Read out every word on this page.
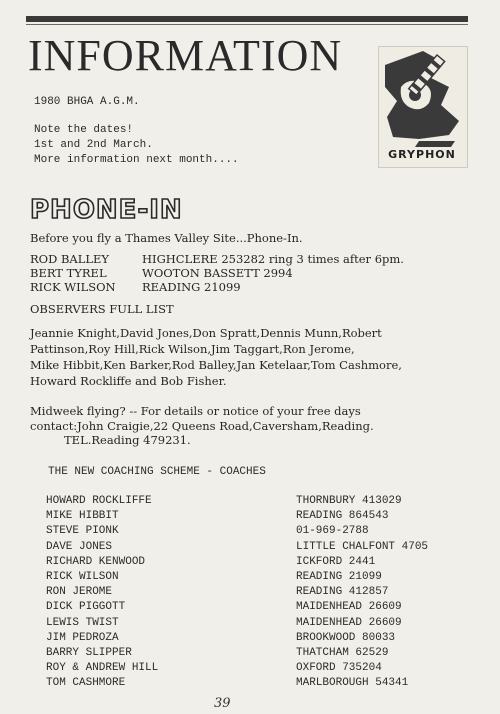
INFORMATION
1980 BHGA A.G.M.
Note the dates!
1st and 2nd March.
More information next month....	GRYPHON
PHONE-IN
Before you fly a Thames Valley Site...Phone-In.
ROD BALLEY	HIGHCLERE 253282 ring 3 times after 6pm.
BERT TYREL	WOOTON BASSETT 2994
RICK WILSON READING 21099
OBSERVERS FULL LIST
Jeannie Knight,David Jones,Don Spratt,Dennis Munn,Robert
Pattinson,Roy Hill,Rick Wilson,Jim Taggart,Ron Jerome,
Mike Hibbit,Ken Barker,Rod Balley,Jan Ketelaar,Tom Cashmore,
Howard Rockliffe and Bob Fisher.
Midweek flying? -- For details or notice of your free days
contact:John Craigie,22 Queens Road,Caversham,Reading.
TEL.Reading 479231.
THE NEW COACHING SCHEME - COACHES
HOWARD ROCKLIFFE	THORNBURY 413029
MIKE HIBBIT	READING 864543
STEVE PIONK	01-969-2788
DAVE JONES	LITTLE CHALFONT 4705
RICHARD KENWOOD	ICKFORD 2441
RICK WILSON	READING 21099
RON JEROME	READING 412857
DICK PIGGOTT	MAIDENHEAD 26609
LEWIS TWIST	MAIDENHEAD 26609
JIM PEDROZA	BROOKWOOD 80033
BARRY SLIPPER	THATCHAM 62529
ROY & ANDREW HILL	OXFORD 735204
TOM CASHMORE	MARLBOROUGH 54341
39
